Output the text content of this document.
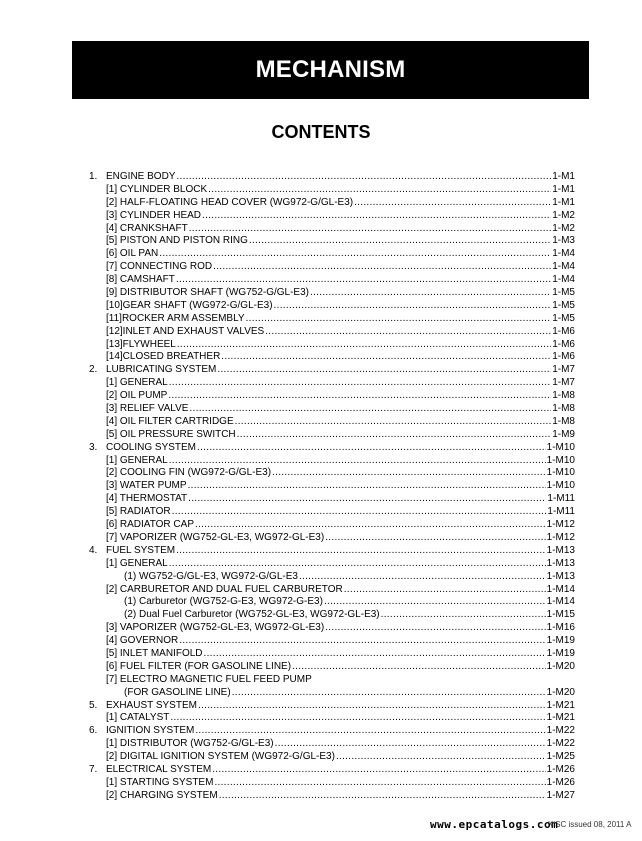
MECHANISM
CONTENTS
1. ENGINE BODY .....	1-M1
[1] CYLINDER BLOCK .....	1-M1
[2] HALF-FLOATING HEAD COVER (WG972-G/GL-E3) .....	1-M1
[3] CYLINDER HEAD .....	1-M2
[4] CRANKSHAFT .....	1-M2
[5] PISTON AND PISTON RING .....	1-M3
[6] OIL PAN .....	1-M4
[7] CONNECTING ROD .....	1-M4
[8] CAMSHAFT .....	1-M4
[9] DISTRIBUTOR SHAFT (WG752-G/GL-E3) .....	1-M5
[10]GEAR SHAFT (WG972-G/GL-E3) .....	1-M5
[11]ROCKER ARM ASSEMBLY .....	1-M5
[12]INLET AND EXHAUST VALVES .....	1-M6
[13]FLYWHEEL .....	1-M6
[14]CLOSED BREATHER .....	1-M6
2. LUBRICATING SYSTEM .....	1-M7
[1] GENERAL .....	1-M7
[2] OIL PUMP .....	1-M8
[3] RELIEF VALVE .....	1-M8
[4] OIL FILTER CARTRIDGE .....	1-M8
[5] OIL PRESSURE SWITCH .....	1-M9
3. COOLING SYSTEM .....	1-M10
[1] GENERAL .....	1-M10
[2] COOLING FIN (WG972-G/GL-E3) .....	1-M10
[3] WATER PUMP .....	1-M10
[4] THERMOSTAT .....	1-M11
[5] RADIATOR .....	1-M11
[6] RADIATOR CAP .....	1-M12
[7] VAPORIZER (WG752-GL-E3, WG972-GL-E3) .....	1-M12
4. FUEL SYSTEM .....	1-M13
[1] GENERAL .....	1-M13
(1) WG752-G/GL-E3, WG972-G/GL-E3 .....	1-M13
[2] CARBURETOR AND DUAL FUEL CARBURETOR .....	1-M14
(1) Carburetor (WG752-G-E3, WG972-G-E3) .....	1-M14
(2) Dual Fuel Carburetor (WG752-GL-E3, WG972-GL-E3) .....	1-M15
[3] VAPORIZER (WG752-GL-E3, WG972-GL-E3) .....	1-M16
[4] GOVERNOR .....	1-M19
[5] INLET MANIFOLD .....	1-M19
[6] FUEL FILTER (FOR GASOLINE LINE) .....	1-M20
[7] ELECTRO MAGNETIC FUEL FEED PUMP
(FOR GASOLINE LINE) .....	1-M20
5. EXHAUST SYSTEM .....	1-M21
[1] CATALYST .....	1-M21
6. IGNITION SYSTEM .....	1-M22
[1] DISTRIBUTOR (WG752-G/GL-E3) .....	1-M22
[2] DIGITAL IGNITION SYSTEM (WG972-G/GL-E3) .....	1-M25
7. ELECTRICAL SYSTEM .....	1-M26
[1] STARTING SYSTEM .....	1-M26
[2] CHARGING SYSTEM .....	1-M27
KiSC issued 08, 2011 A
www.epcatalogs.com
